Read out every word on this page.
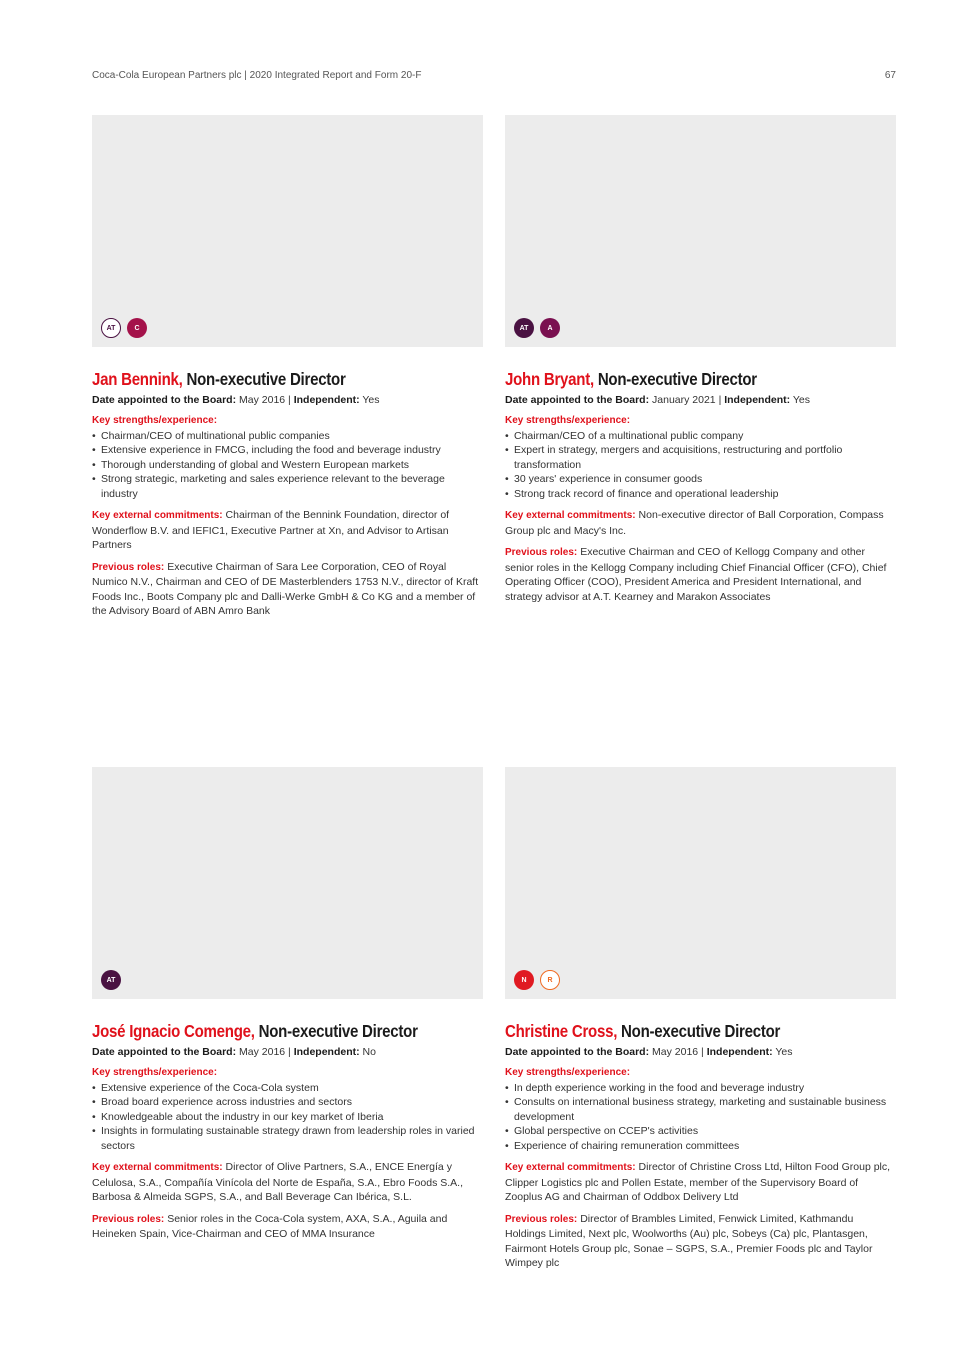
Coca-Cola European Partners plc | 2020 Integrated Report and Form 20-F	67
AT	C
Jan Bennink, Non-executive Director
Date appointed to the Board: May 2016 | Independent: Yes
Key strengths/experience:
• Chairman/CEO of multinational public companies
• Extensive experience in FMCG, including the food and beverage industry
• Thorough understanding of global and Western European markets
• Strong strategic, marketing and sales experience relevant to the beverage industry
Key external commitments: Chairman of the Bennink Foundation, director of Wonderflow B.V. and IEFIC1, Executive Partner at Xn, and Advisor to Artisan Partners
Previous roles: Executive Chairman of Sara Lee Corporation, CEO of Royal Numico N.V., Chairman and CEO of DE Masterblenders 1753 N.V., director of Kraft Foods Inc., Boots Company plc and Dalli-Werke GmbH & Co KG and a member of the Advisory Board of ABN Amro Bank
AT	A
John Bryant, Non-executive Director
Date appointed to the Board: January 2021 | Independent: Yes
Key strengths/experience:
• Chairman/CEO of a multinational public company
• Expert in strategy, mergers and acquisitions, restructuring and portfolio transformation
• 30 years' experience in consumer goods
• Strong track record of finance and operational leadership
Key external commitments: Non-executive director of Ball Corporation, Compass Group plc and Macy's Inc.
Previous roles: Executive Chairman and CEO of Kellogg Company and other senior roles in the Kellogg Company including Chief Financial Officer (CFO), Chief Operating Officer (COO), President America and President International, and strategy advisor at A.T. Kearney and Marakon Associates
AT
José Ignacio Comenge, Non-executive Director
Date appointed to the Board: May 2016 | Independent: No
Key strengths/experience:
• Extensive experience of the Coca-Cola system
• Broad board experience across industries and sectors
• Knowledgeable about the industry in our key market of Iberia
• Insights in formulating sustainable strategy drawn from leadership roles in varied sectors
Key external commitments: Director of Olive Partners, S.A., ENCE Energía y Celulosa, S.A., Compañía Vinícola del Norte de España, S.A., Ebro Foods S.A., Barbosa & Almeida SGPS, S.A., and Ball Beverage Can Ibérica, S.L.
Previous roles: Senior roles in the Coca-Cola system, AXA, S.A., Aguila and Heineken Spain, Vice-Chairman and CEO of MMA Insurance
N	R
Christine Cross, Non-executive Director
Date appointed to the Board: May 2016 | Independent: Yes
Key strengths/experience:
• In depth experience working in the food and beverage industry
• Consults on international business strategy, marketing and sustainable business development
• Global perspective on CCEP's activities
• Experience of chairing remuneration committees
Key external commitments: Director of Christine Cross Ltd, Hilton Food Group plc, Clipper Logistics plc and Pollen Estate, member of the Supervisory Board of Zooplus AG and Chairman of Oddbox Delivery Ltd
Previous roles: Director of Brambles Limited, Fenwick Limited, Kathmandu Holdings Limited, Next plc, Woolworths (Au) plc, Sobeys (Ca) plc, Plantasgen, Fairmont Hotels Group plc, Sonae – SGPS, S.A., Premier Foods plc and Taylor Wimpey plc
